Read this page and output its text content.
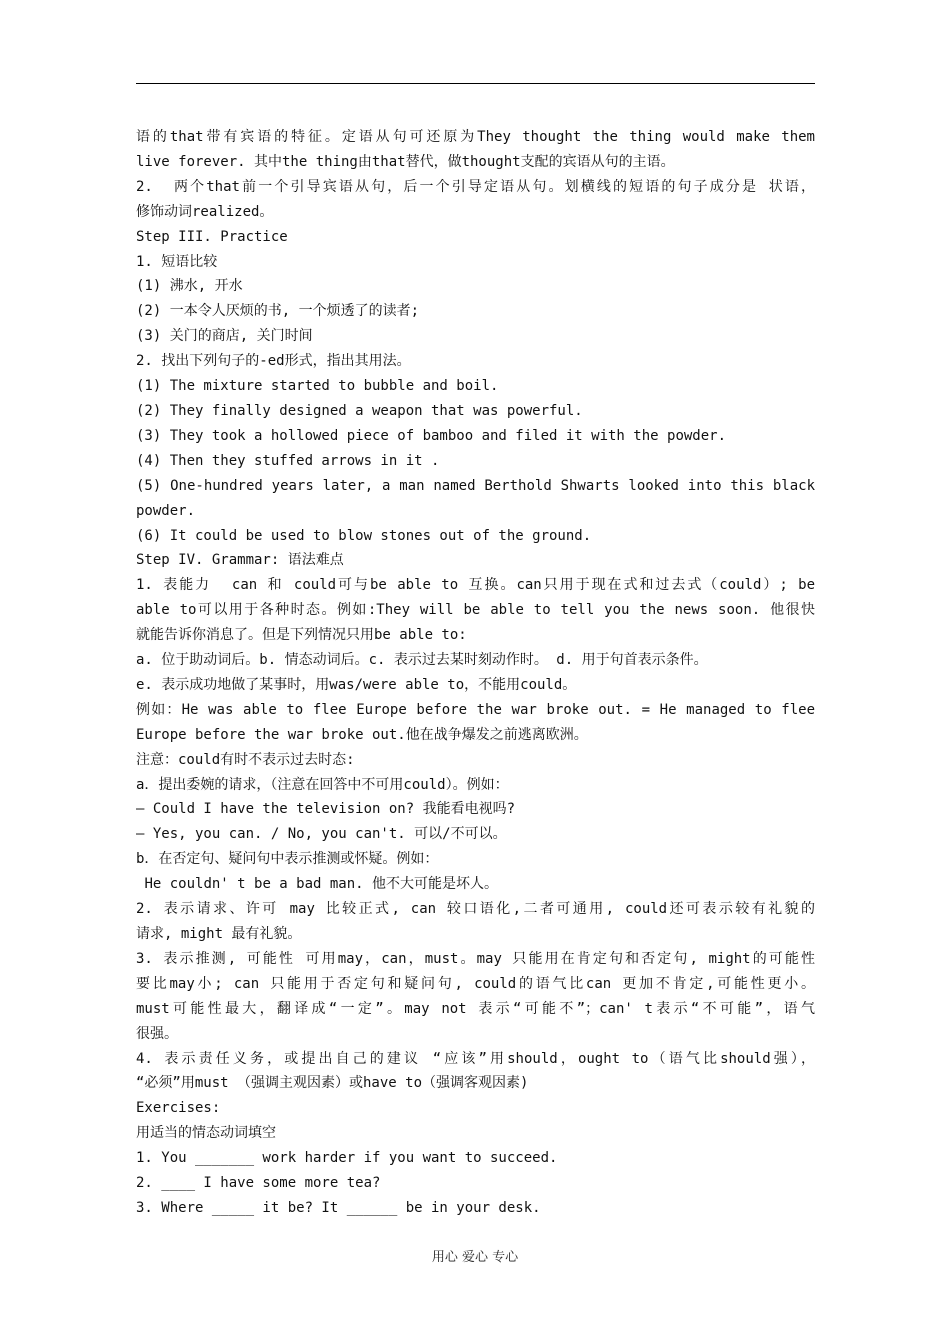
语的that带有宾语的特征。定语从句可还原为They thought the thing would make them

live forever. 其中the thing由that替代，做thought支配的宾语从句的主语。

2.  两个that前一个引导宾语从句，后一个引导定语从句。划横线的短语的句子成分是 状语，

修饰动词realized。

Step III. Practice

1. 短语比较

(1) 沸水, 开水

(2) 一本令人厌烦的书, 一个烦透了的读者;

(3) 关门的商店, 关门时间

2. 找出下列句子的-ed形式，指出其用法。

(1) The mixture started to bubble and boil.

(2) They finally designed a weapon that was powerful.

(3) They took a hollowed piece of bamboo and filed it with the powder.

(4) Then they stuffed arrows in it .

(5) One-hundred years later, a man named Berthold Shwarts looked into this black

powder.

(6) It could be used to blow stones out of the ground.

Step IV. Grammar: 语法难点

1. 表能力  can 和 could可与be able to 互换。can只用于现在式和过去式（could）; be

able to可以用于各种时态。例如:They will be able to tell you the news soon. 他很快

就能告诉你消息了。但是下列情况只用be able to:

a. 位于助动词后。b. 情态动词后。c. 表示过去某时刻动作时。 d. 用于句首表示条件。

e. 表示成功地做了某事时，用was/were able to，不能用could。

例如：He was able to flee Europe before the war broke out. = He managed to flee

Europe before the war broke out.他在战争爆发之前逃离欧洲。

注意：could有时不表示过去时态:

a．提出委婉的请求，（注意在回答中不可用could）。例如：

— Could I have the television on? 我能看电视吗?

— Yes, you can. / No, you can't. 可以/不可以。

b．在否定句、疑问句中表示推测或怀疑。例如：

He couldn' t be a bad man. 他不大可能是坏人。

2. 表示请求、许可 may 比较正式, can 较口语化,二者可通用, could还可表示较有礼貌的

请求, might 最有礼貌。

3. 表示推测, 可能性 可用may，can，must。may 只能用在肯定句和否定句, might的可能性

要比may小; can 只能用于否定句和疑问句, could的语气比can 更加不肯定,可能性更小。

must可能性最大，翻译成“一定”。may not 表示“可能不”；can' t表示“不可能”，语气

很强。

4. 表示责任义务，或提出自己的建议 “应该”用should，ought to（语气比should强），

“必须”用must （强调主观因素）或have to（强调客观因素)

Exercises:

用适当的情态动词填空

1. You _______ work harder if you want to succeed.

2. ____ I have some more tea?

3. Where _____ it be? It ______ be in your desk.

用心 爱心 专心
